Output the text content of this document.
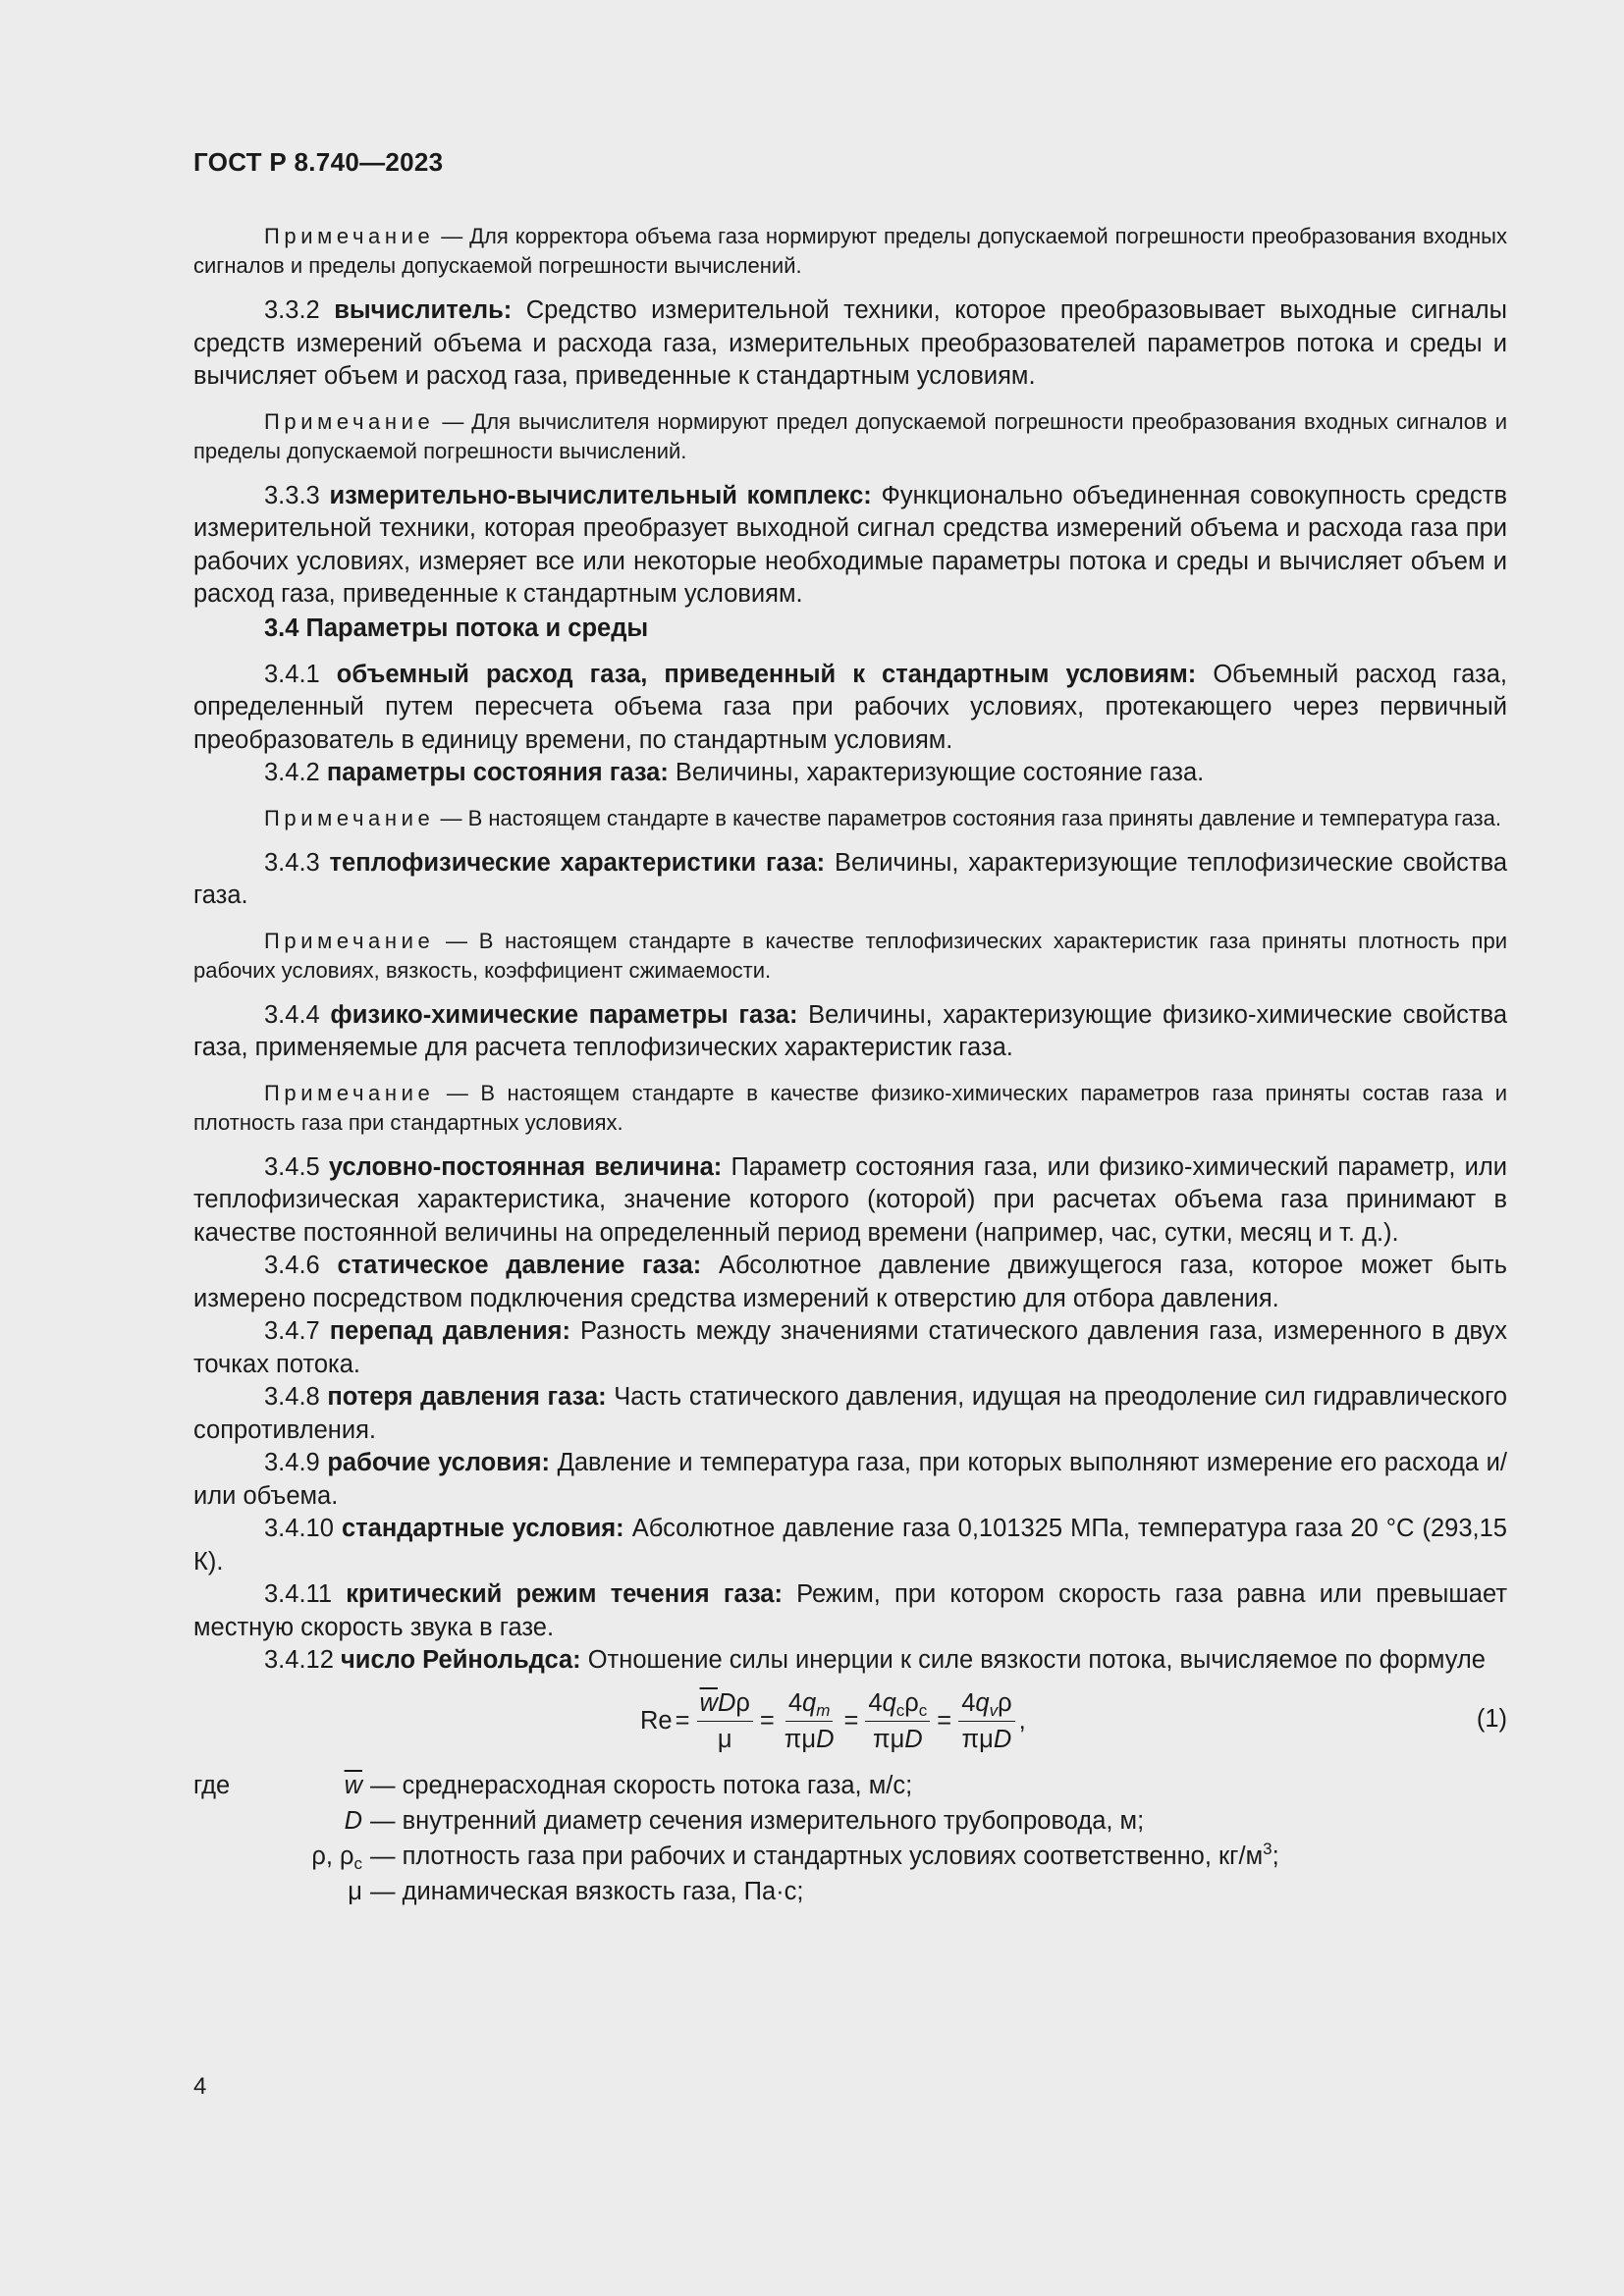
ГОСТ Р 8.740—2023

Примечание — Для корректора объема газа нормируют пределы допускаемой погрешности преобразования входных сигналов и пределы допускаемой погрешности вычислений.

3.3.2 вычислитель: Средство измерительной техники, которое преобразовывает выходные сигналы средств измерений объема и расхода газа, измерительных преобразователей параметров потока и среды и вычисляет объем и расход газа, приведенные к стандартным условиям.

Примечание — Для вычислителя нормируют предел допускаемой погрешности преобразования входных сигналов и пределы допускаемой погрешности вычислений.

3.3.3 измерительно-вычислительный комплекс: Функционально объединенная совокупность средств измерительной техники, которая преобразует выходной сигнал средства измерений объема и расхода газа при рабочих условиях, измеряет все или некоторые необходимые параметры потока и среды и вычисляет объем и расход газа, приведенные к стандартным условиям.

3.4 Параметры потока и среды

3.4.1 объемный расход газа, приведенный к стандартным условиям: Объемный расход газа, определенный путем пересчета объема газа при рабочих условиях, протекающего через первичный преобразователь в единицу времени, по стандартным условиям.

3.4.2 параметры состояния газа: Величины, характеризующие состояние газа.

Примечание — В настоящем стандарте в качестве параметров состояния газа приняты давление и температура газа.

3.4.3 теплофизические характеристики газа: Величины, характеризующие теплофизические свойства газа.

Примечание — В настоящем стандарте в качестве теплофизических характеристик газа приняты плотность при рабочих условиях, вязкость, коэффициент сжимаемости.

3.4.4 физико-химические параметры газа: Величины, характеризующие физико-химические свойства газа, применяемые для расчета теплофизических характеристик газа.

Примечание — В настоящем стандарте в качестве физико-химических параметров газа приняты состав газа и плотность газа при стандартных условиях.

3.4.5 условно-постоянная величина: Параметр состояния газа, или физико-химический параметр, или теплофизическая характеристика, значение которого (которой) при расчетах объема газа принимают в качестве постоянной величины на определенный период времени (например, час, сутки, месяц и т. д.).

3.4.6 статическое давление газа: Абсолютное давление движущегося газа, которое может быть измерено посредством подключения средства измерений к отверстию для отбора давления.

3.4.7 перепад давления: Разность между значениями статического давления газа, измеренного в двух точках потока.

3.4.8 потеря давления газа: Часть статического давления, идущая на преодоление сил гидравлического сопротивления.

3.4.9 рабочие условия: Давление и температура газа, при которых выполняют измерение его расхода и/или объема.

3.4.10 стандартные условия: Абсолютное давление газа 0,101325 МПа, температура газа 20 °C (293,15 К).

3.4.11 критический режим течения газа: Режим, при котором скорость газа равна или превышает местную скорость звука в газе.

3.4.12 число Рейнольдса: Отношение силы инерции к силе вязкости потока, вычисляемое по формуле

$Re = \frac{\overline{w}D\rho}{\mu} = \frac{4q_m}{\text{πμD}} = \frac{4q_c\rho_c}{\text{πμD}} = \frac{4q_v\rho}{\text{πμD}}$ ,	(1)
где	$\overline{w}$ — среднерасходная скорость потока газа, м/с;
D — внутренний диаметр сечения измерительного трубопровода, м;
ρ, $\rho_с$ — плотность газа при рабочих и стандартных условиях соответственно, $кг/м^3$;
μ — динамическая вязкость газа, Па·с;
4
